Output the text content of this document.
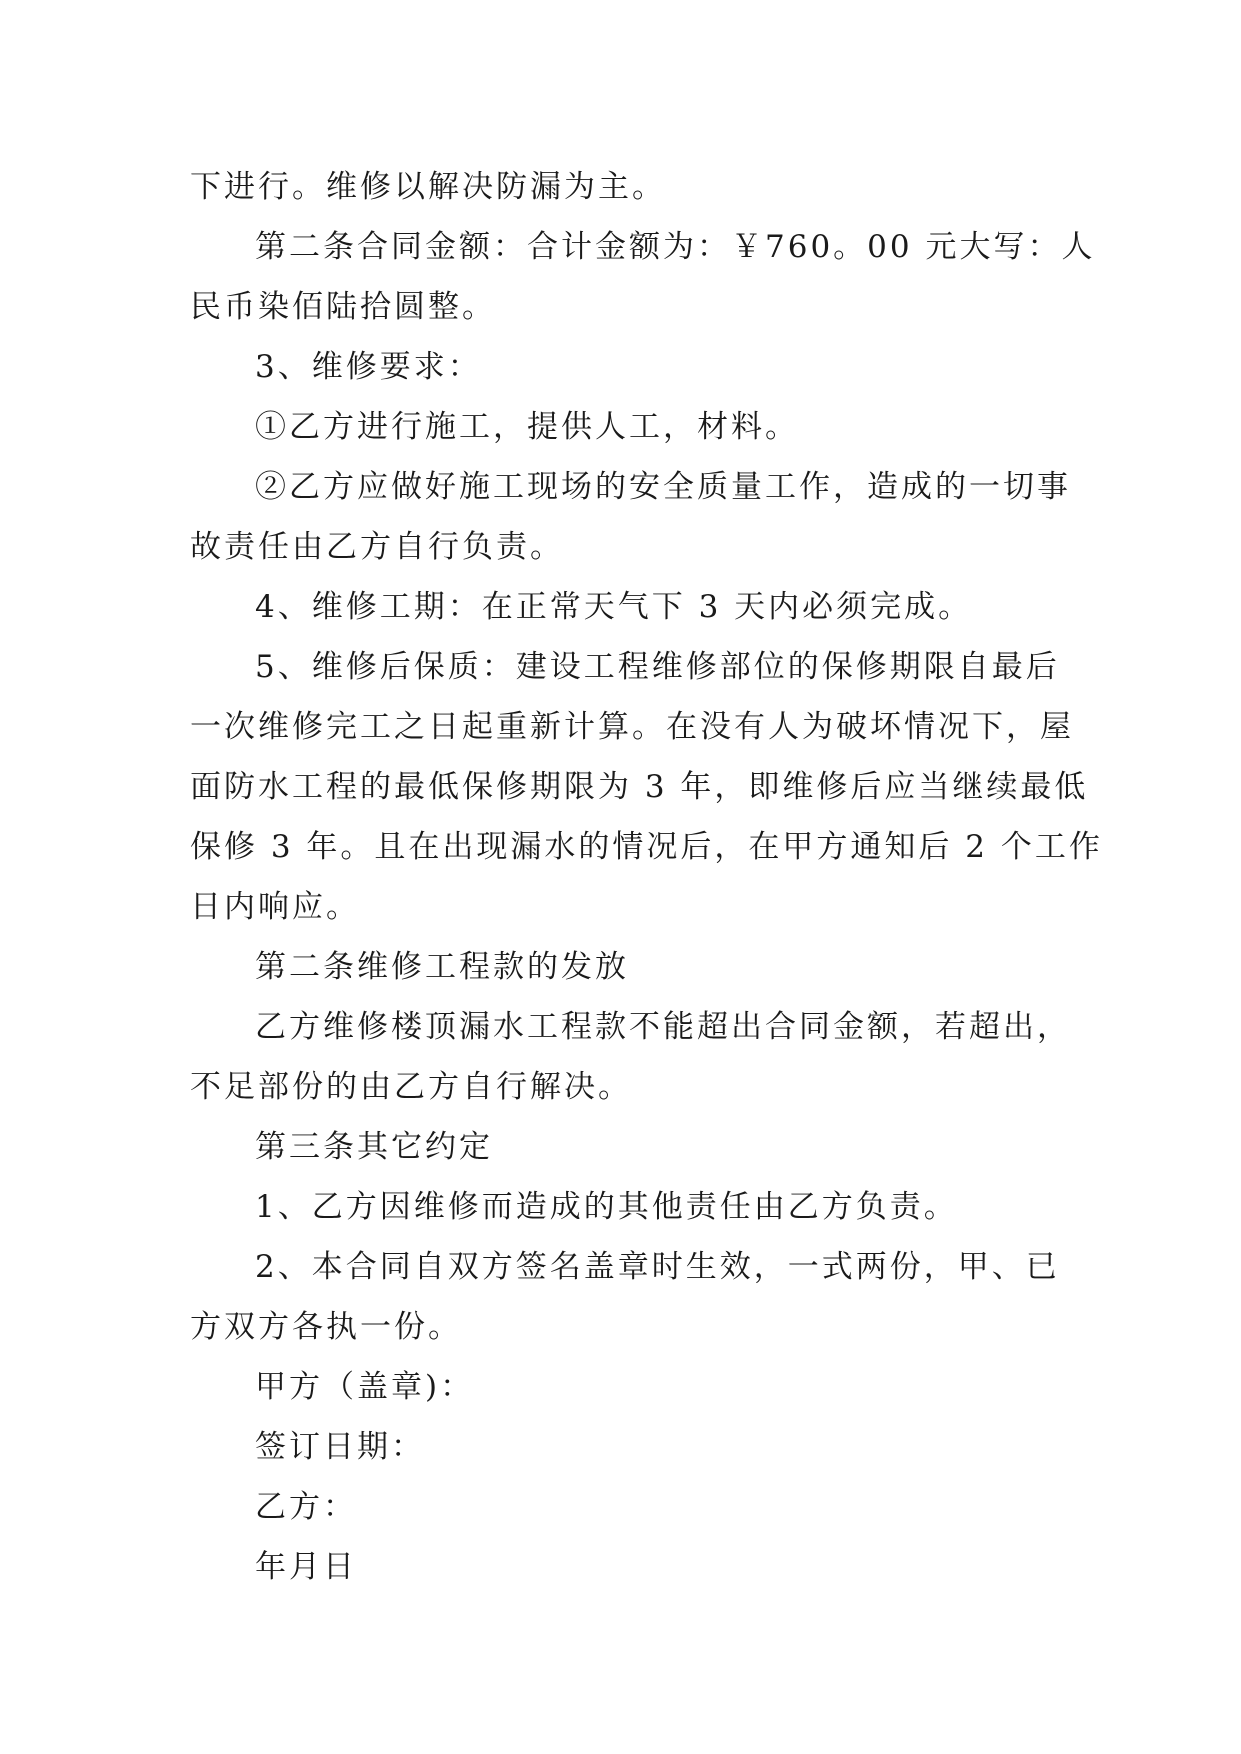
下进行。维修以解决防漏为主。

第二条合同金额：合计金额为：￥760。00 元大写：人
民币染佰陆拾圆整。

3、维修要求：

①乙方进行施工，提供人工，材料。

②乙方应做好施工现场的安全质量工作，造成的一切事
故责任由乙方自行负责。

4、维修工期：在正常天气下 3 天内必须完成。

5、维修后保质：建设工程维修部位的保修期限自最后
一次维修完工之日起重新计算。在没有人为破坏情况下，屋
面防水工程的最低保修期限为 3 年，即维修后应当继续最低
保修 3 年。且在出现漏水的情况后，在甲方通知后 2 个工作
日内响应。

第二条维修工程款的发放

乙方维修楼顶漏水工程款不能超出合同金额，若超出，
不足部份的由乙方自行解决。

第三条其它约定

1、乙方因维修而造成的其他责任由乙方负责。

2、本合同自双方签名盖章时生效，一式两份，甲、已
方双方各执一份。

甲方（盖章)：

签订日期：

乙方：

年月日
